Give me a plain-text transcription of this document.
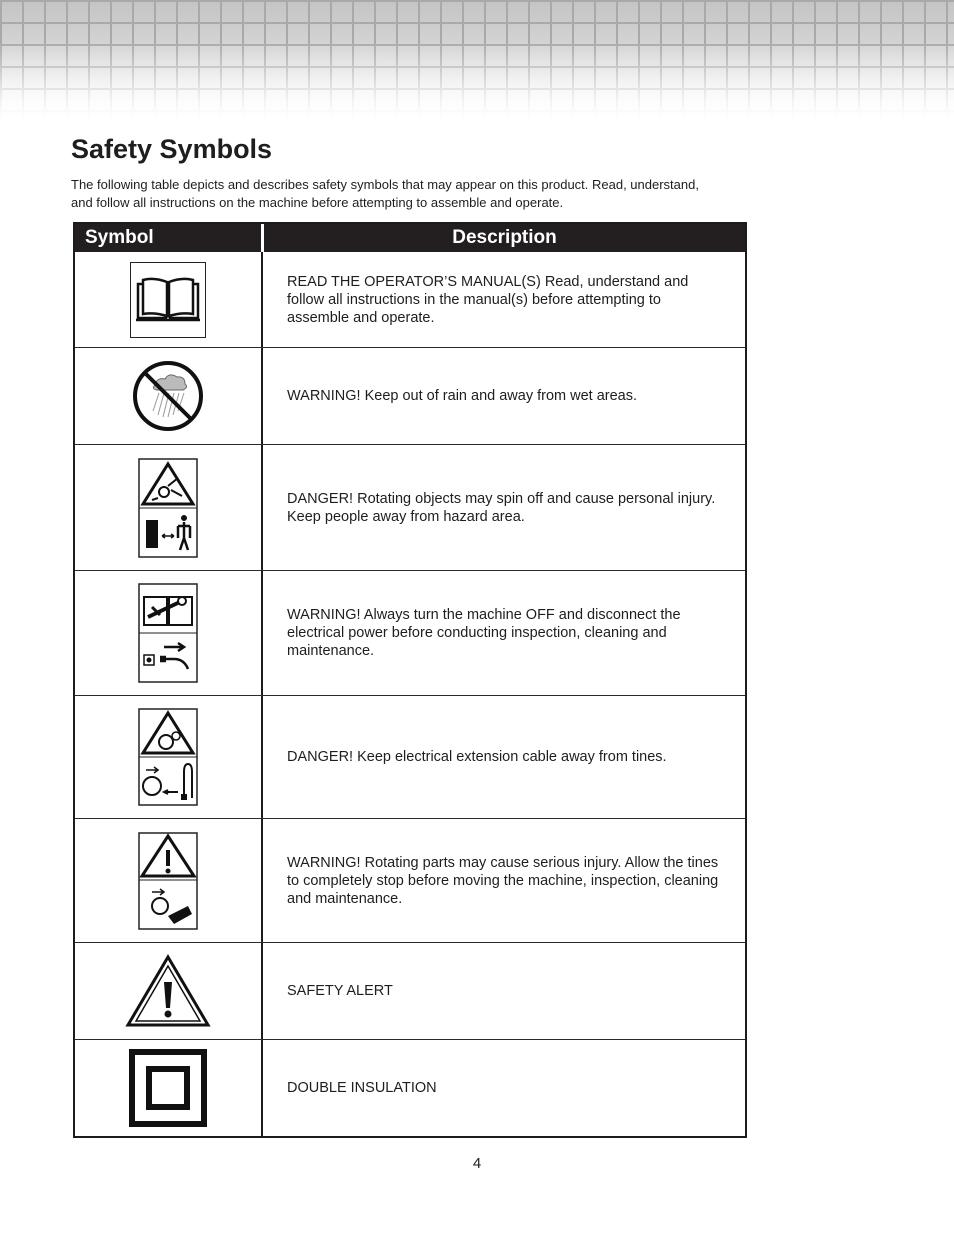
Safety Symbols

The following table depicts and describes safety symbols that may appear on this product. Read, understand, and follow all instructions on the machine before attempting to assemble and operate.

Symbol	Description
READ THE OPERATOR’S MANUAL(S) Read, understand and follow all instructions in the manual(s) before attempting to assemble and operate.
WARNING! Keep out of rain and away from wet areas.
DANGER! Rotating objects may spin off and cause personal injury. Keep people away from hazard area.
WARNING! Always turn the machine OFF and disconnect the electrical power before conducting inspection, cleaning and maintenance.
DANGER! Keep electrical extension cable away from tines.
WARNING! Rotating parts may cause serious injury. Allow the tines to completely stop before moving the machine, inspection, cleaning and maintenance.
SAFETY ALERT
DOUBLE INSULATION
4
